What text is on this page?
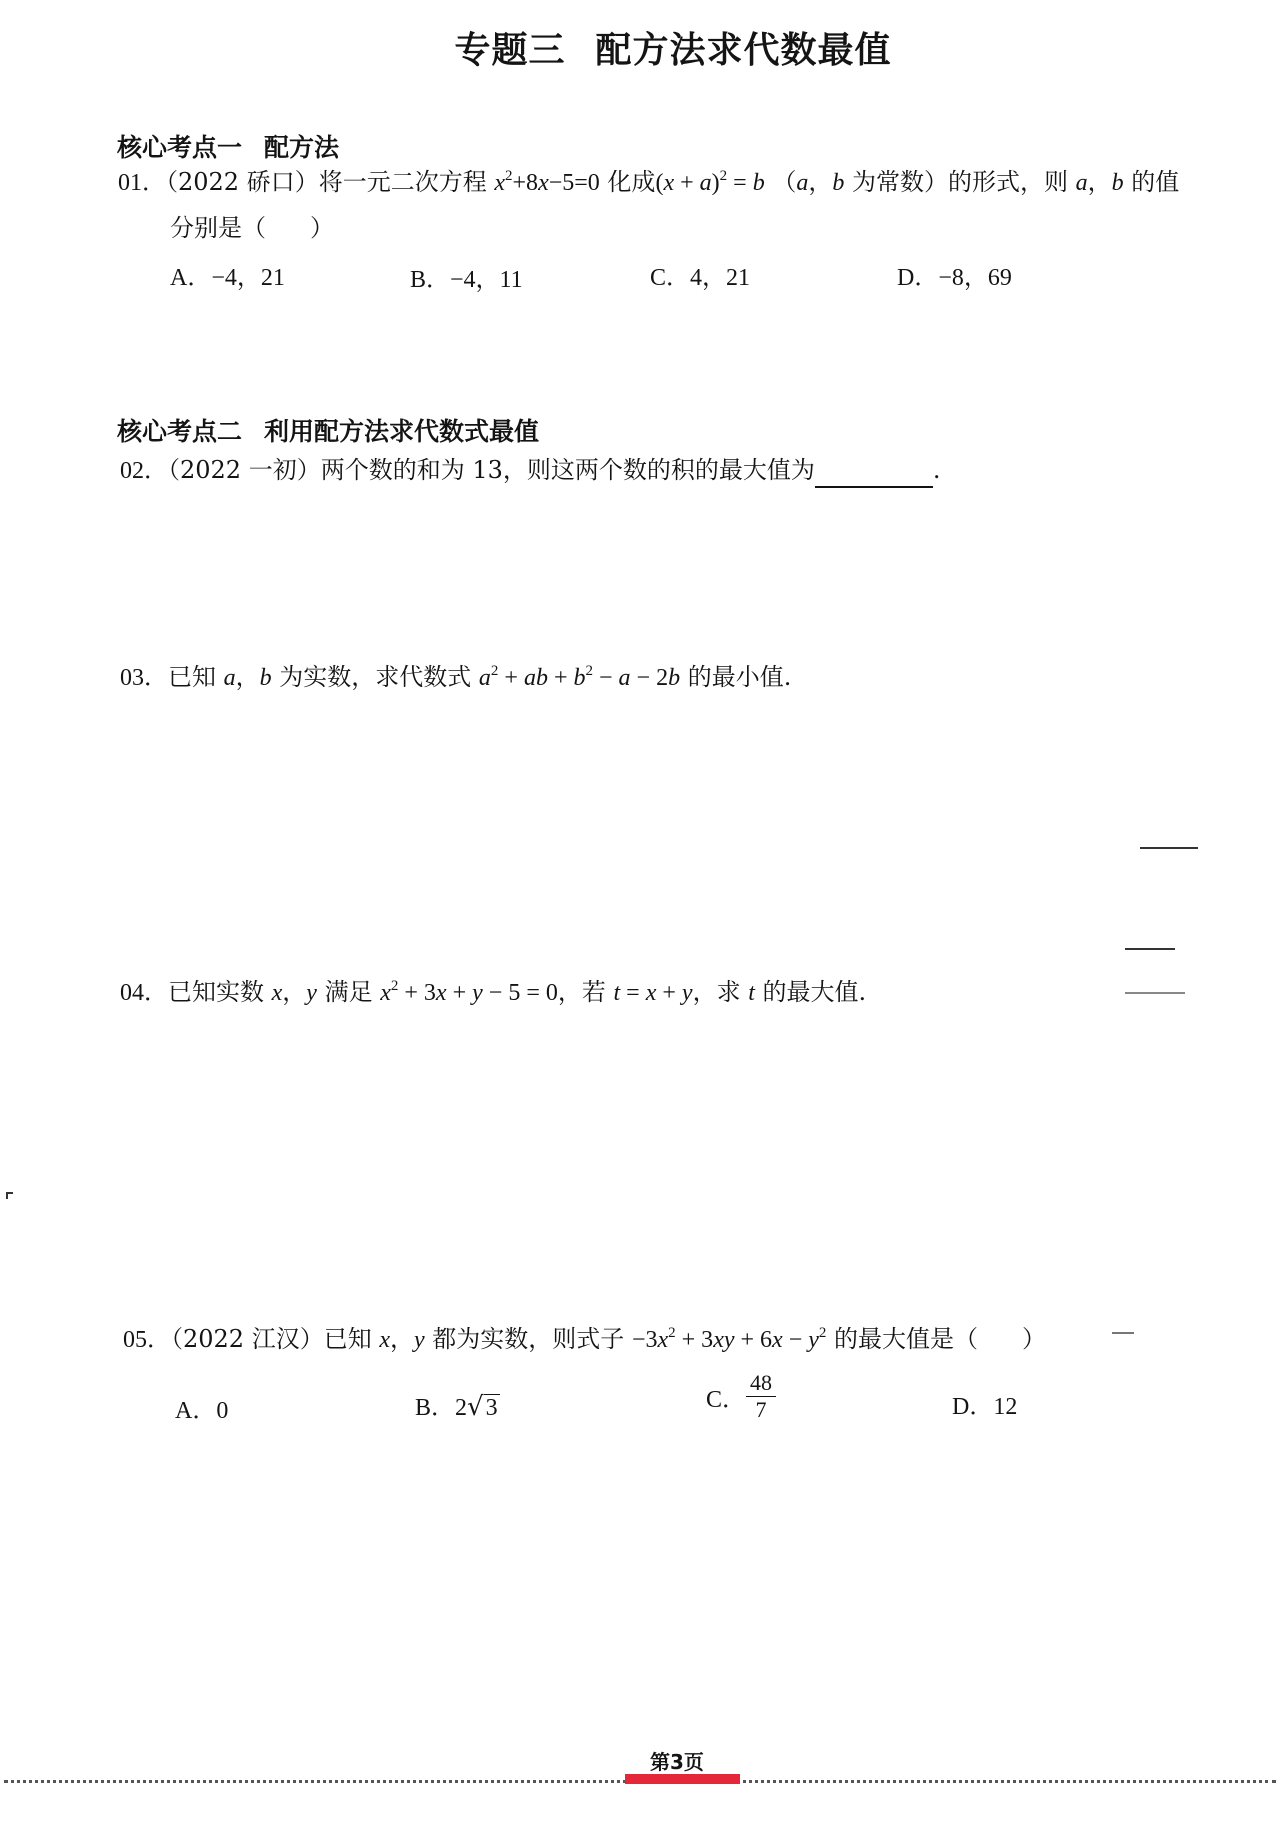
专题三 配方法求代数最值
核心考点一 配方法
01．（2022 硚口）将一元二次方程 $x^2+8x-5=0$ 化成$(x + a)^2 = b$ （a，b 为常数）的形式，则 a，b 的值
分别是（ ）
A．−4，21	B．−4，11	C．4，21	D．−8，69
核心考点二 利用配方法求代数式最值
02．（2022 一初）两个数的和为 13，则这两个数的积的最大值为	.
03．已知 a，b 为实数，求代数式 $a^2$ + ab + $b^2 - a - 2b$ 的最小值.
04．已知实数 x，y 满足 $x^2 + 3x + y - 5 = 0$，若 t = x + y，求 t 的最大值.
05．（2022 江汉）已知 x，y 都为实数，则式子 $-3x^2 + 3xy + 6x - y^2$ 的最大值是（ ）
A．0	B．2√3	C． $\frac{48}{7}$	D．12
第3页
